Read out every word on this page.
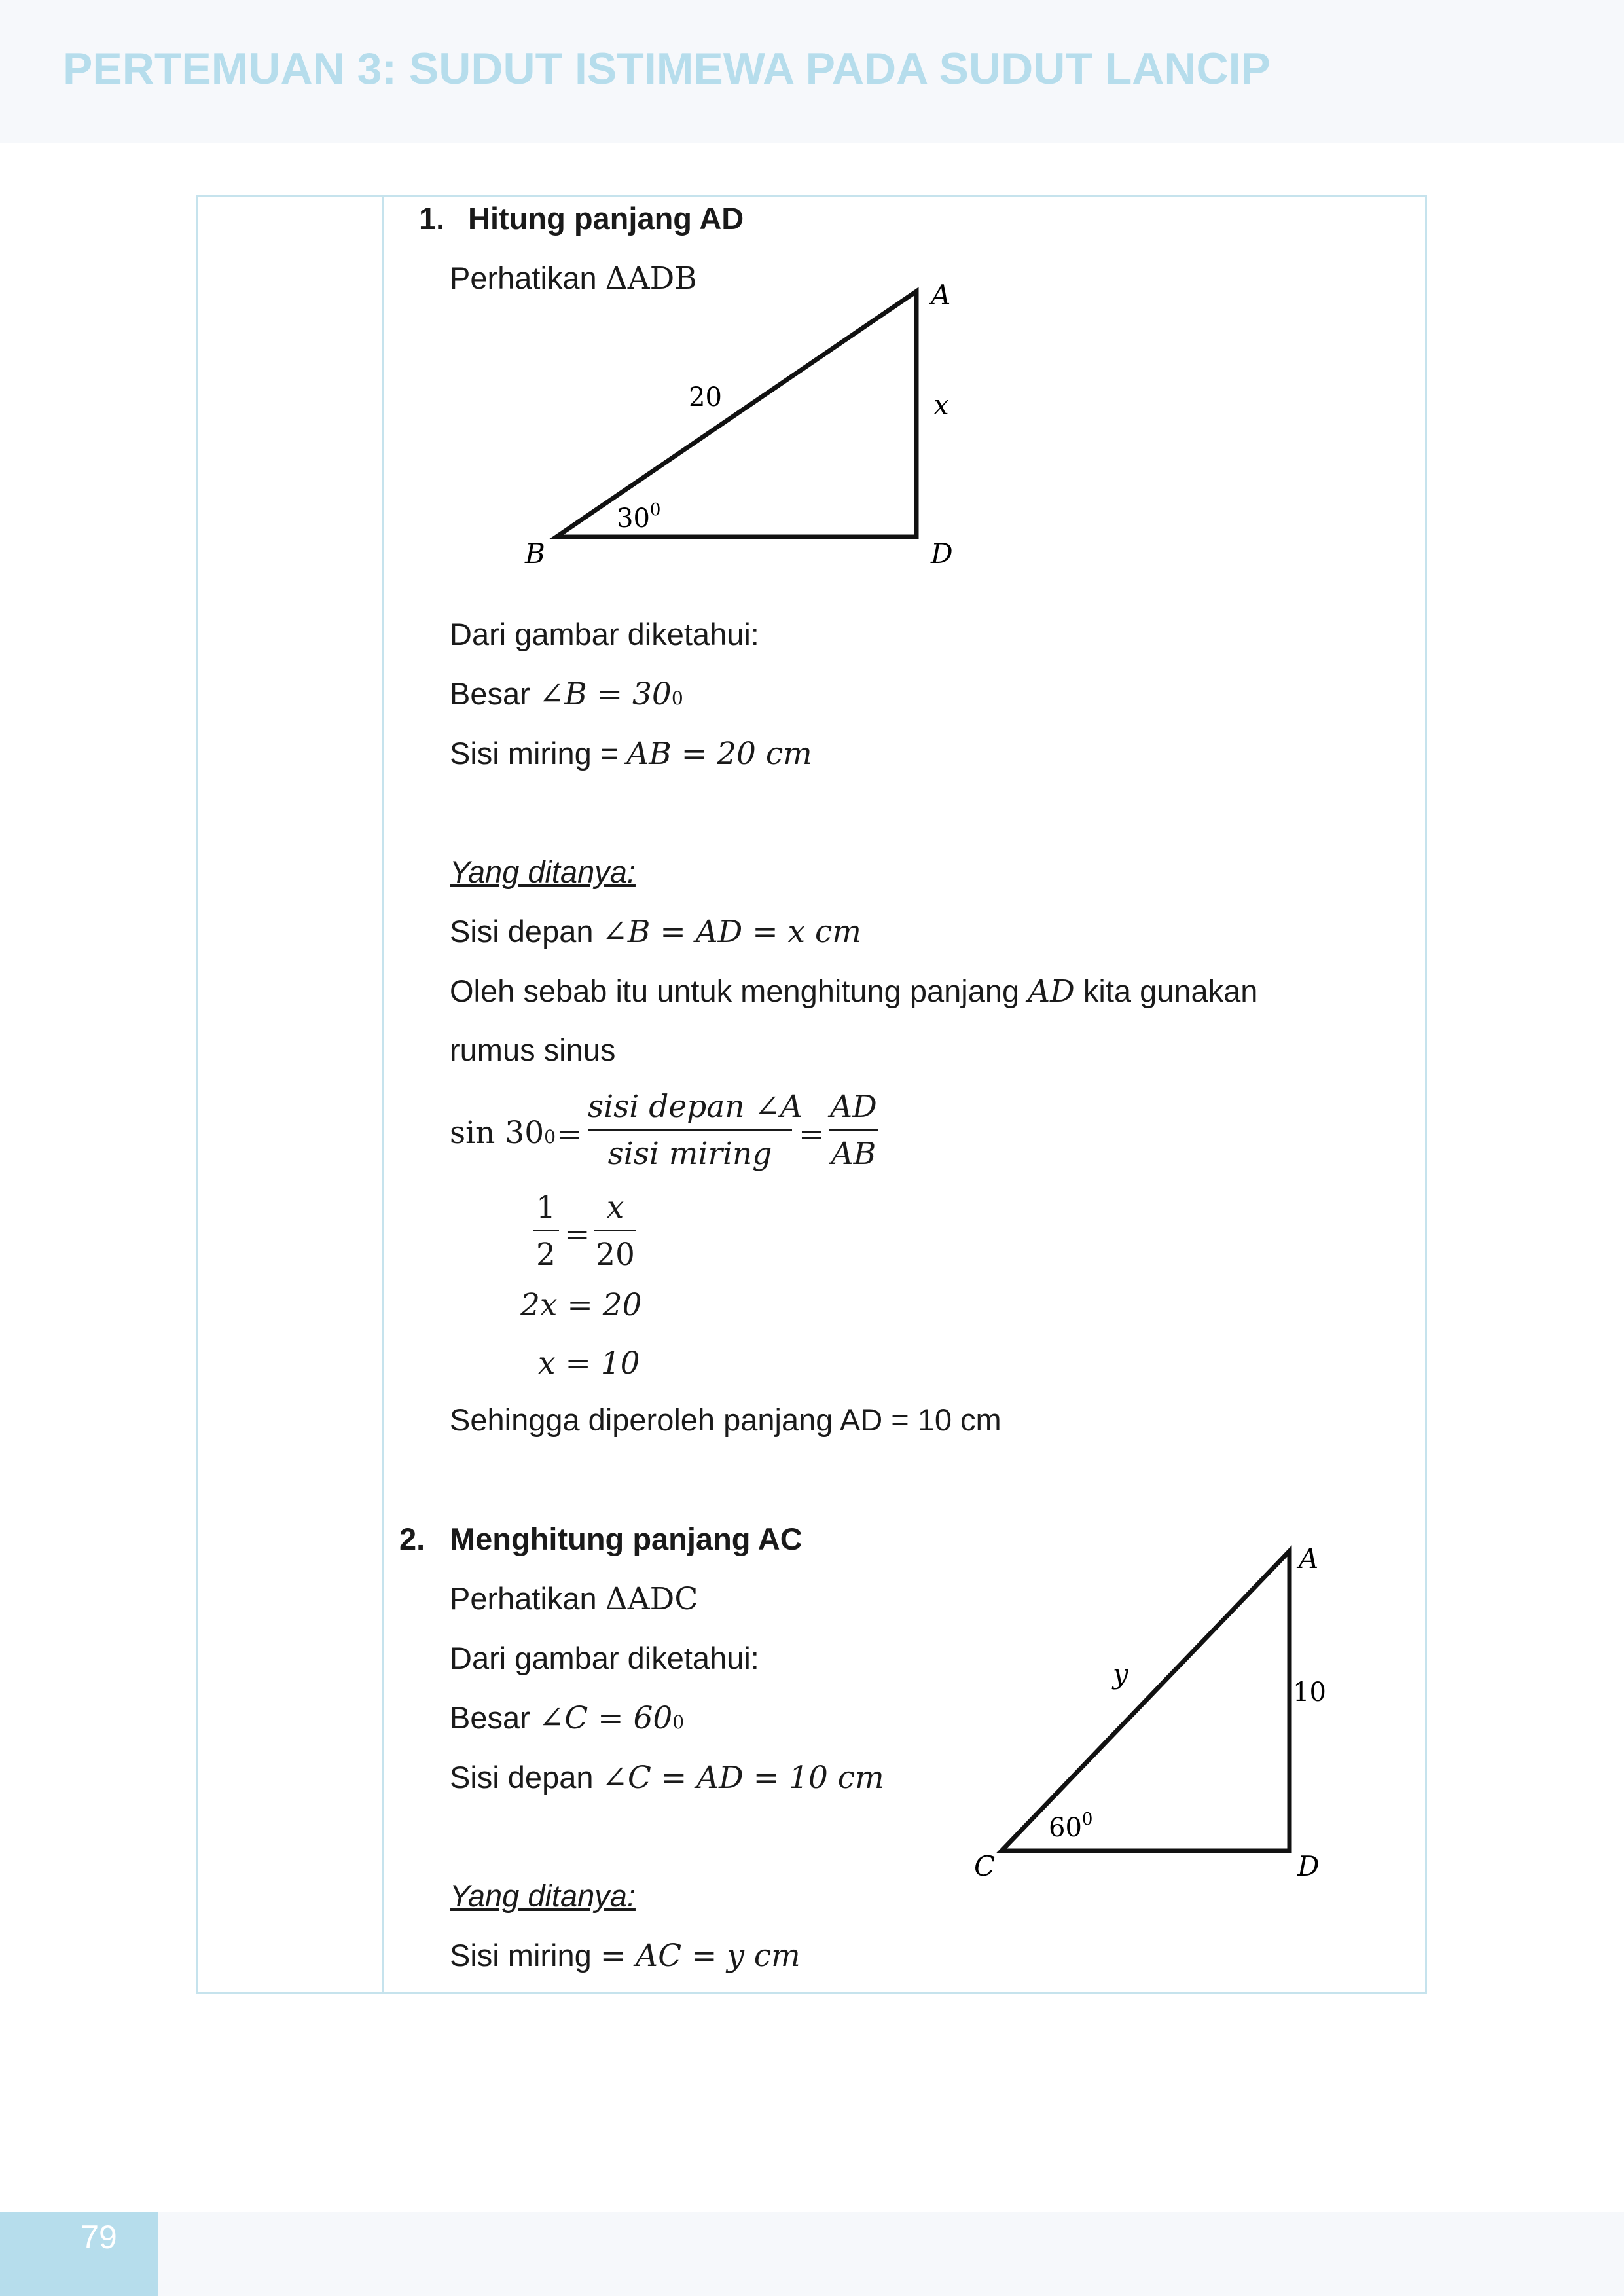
PERTEMUAN 3: SUDUT ISTIMEWA PADA SUDUT LANCIP
1. Hitung panjang AD
Perhatikan ΔADB	A
B	D
20	x
$30^0$
Dari gambar diketahui:
Besar ∠B = $30^0$
Sisi miring = AB = 20 cm
Yang ditanya:
Sisi depan ∠B = AD = x cm
Oleh sebab itu untuk menghitung panjang AD kita gunakan
rumus sinus
$\sin 30^0$ =
sisi depan ∠A
sisi miring
=
AD
AB
1
2
=
x
20
2x = 20
x = 10
Sehingga diperoleh panjang AD = 10 cm
2. Menghitung panjang AC
Perhatikan ΔADC
Dari gambar diketahui:
Besar ∠C = $60^0$
Sisi depan ∠C = AD = 10 cm
Yang ditanya:
Sisi miring = AC = y cm
A
C	D
y
10
$60^0$
79
